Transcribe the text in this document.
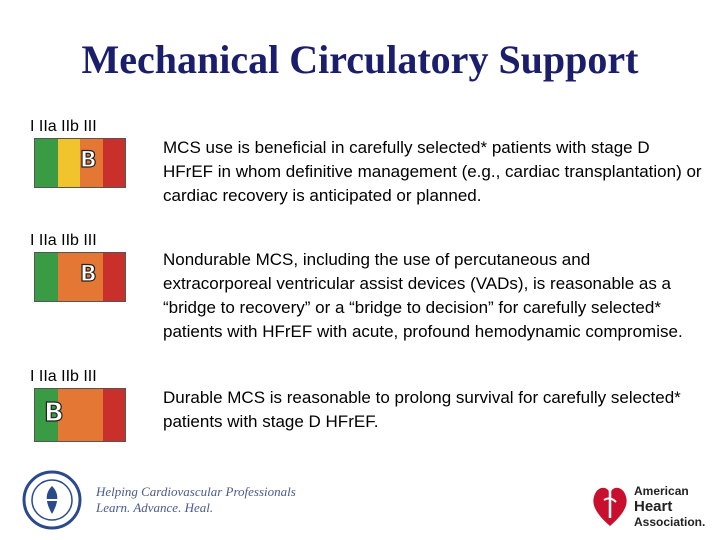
Mechanical Circulatory Support
I IIa IIb III
B
MCS use is beneficial in carefully selected* patients with stage D HFrEF in whom definitive management (e.g., cardiac transplantation) or cardiac recovery is anticipated or planned.
I IIa IIb III
B
Nondurable MCS, including the use of percutaneous and extracorporeal ventricular assist devices (VADs), is reasonable as a “bridge to recovery” or a “bridge to decision” for carefully selected* patients with HFrEF with acute, profound hemodynamic compromise.
I IIa IIb III
B
Durable MCS is reasonable to prolong survival for carefully selected* patients with stage D HFrEF.
Helping Cardiovascular Professionals
Learn. Advance. Heal.
American
Heart
Association.
